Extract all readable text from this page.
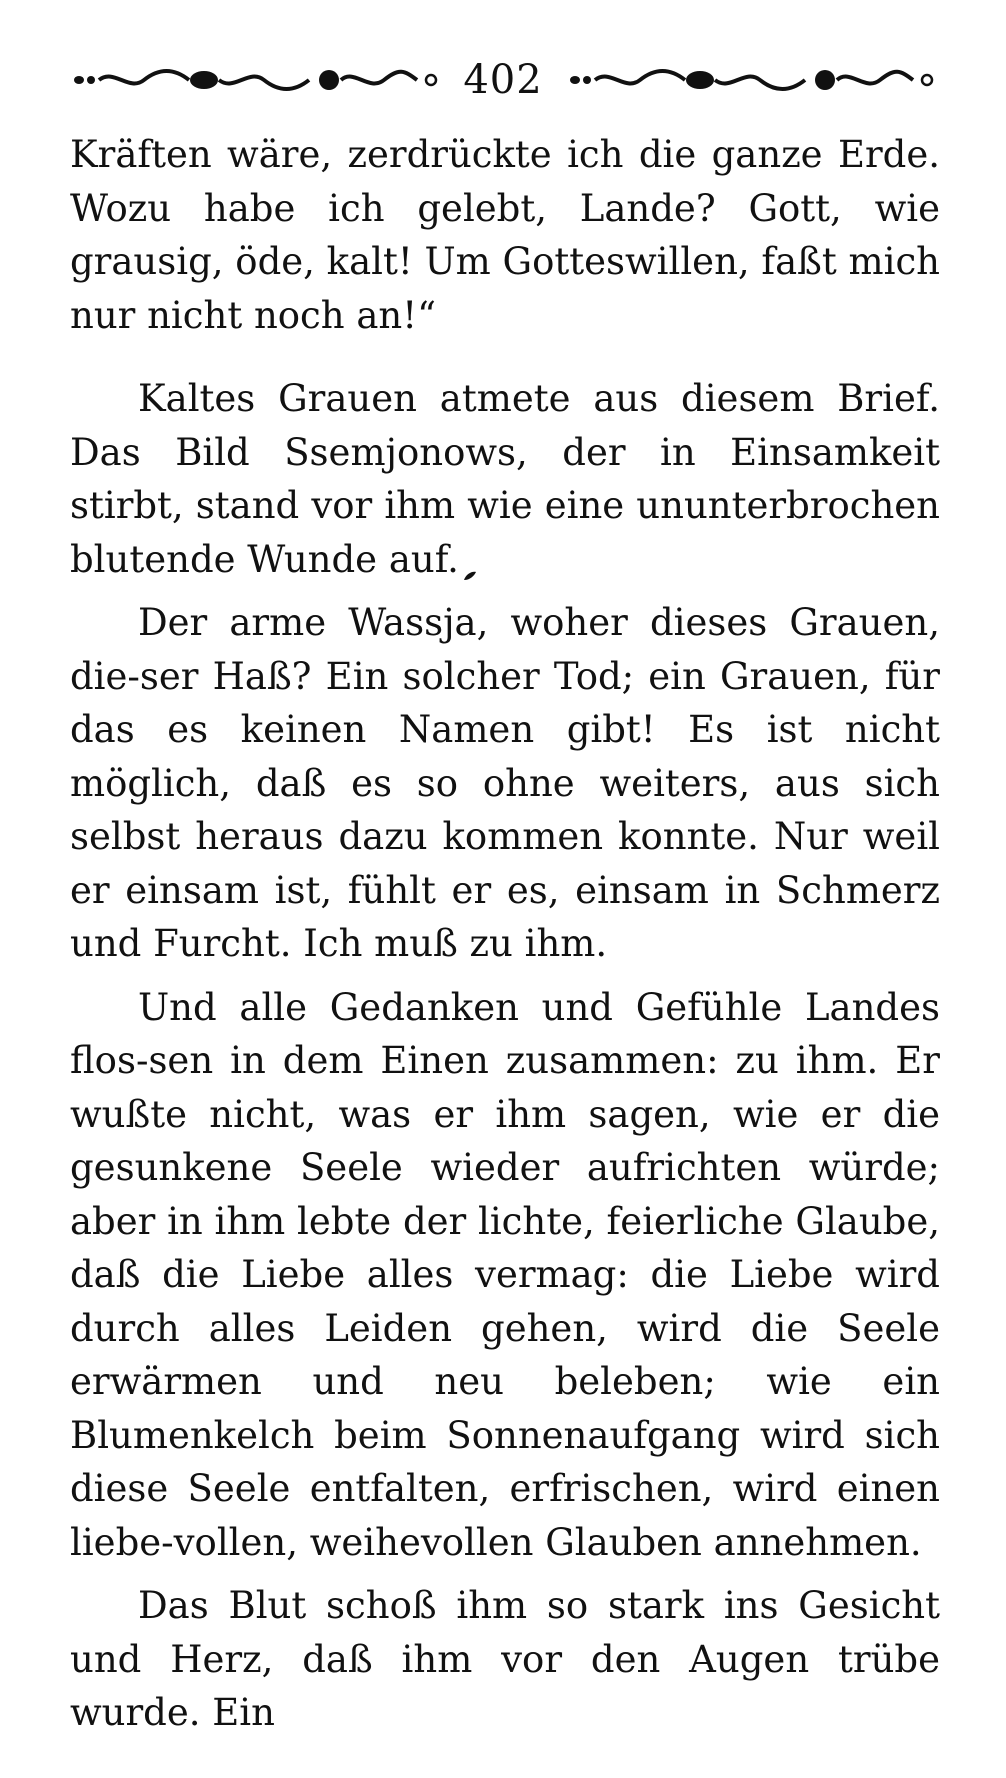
402

Kräften wäre, zerdrückte ich die ganze Erde. Wozu habe ich gelebt, Lande? Gott, wie grausig, öde, kalt! Um Gotteswillen, faßt mich nur nicht noch an!“

Kaltes Grauen atmete aus diesem Brief. Das Bild Ssemjonows, der in Einsamkeit stirbt, stand vor ihm wie eine ununterbrochen blutende Wunde auf.

Der arme Wassja, woher dieses Grauen, die-ser Haß? Ein solcher Tod; ein Grauen, für das es keinen Namen gibt! Es ist nicht möglich, daß es so ohne weiters, aus sich selbst heraus dazu kommen konnte. Nur weil er einsam ist, fühlt er es, einsam in Schmerz und Furcht. Ich muß zu ihm.

Und alle Gedanken und Gefühle Landes flos-sen in dem Einen zusammen: zu ihm. Er wußte nicht, was er ihm sagen, wie er die gesunkene Seele wieder aufrichten würde; aber in ihm lebte der lichte, feierliche Glaube, daß die Liebe alles vermag: die Liebe wird durch alles Leiden gehen, wird die Seele erwärmen und neu beleben; wie ein Blumenkelch beim Sonnenaufgang wird sich diese Seele entfalten, erfrischen, wird einen liebe-vollen, weihevollen Glauben annehmen.

Das Blut schoß ihm so stark ins Gesicht und Herz, daß ihm vor den Augen trübe wurde. Ein
